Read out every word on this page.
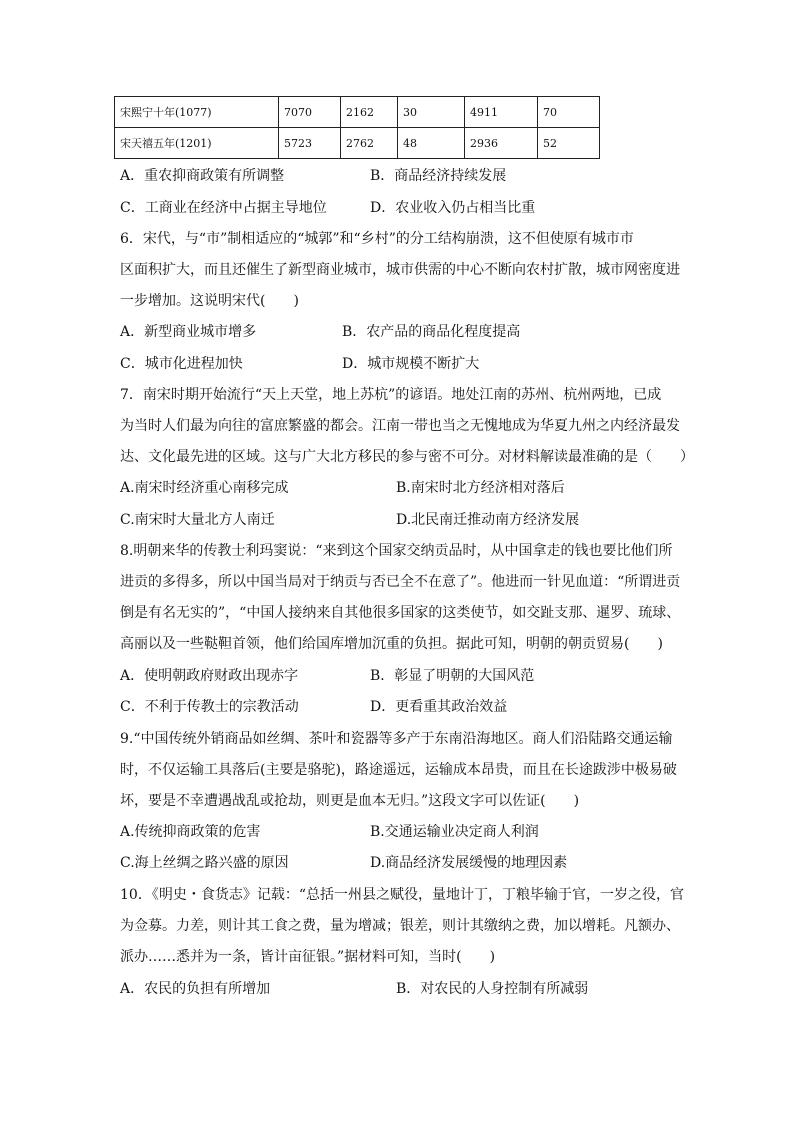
宋熙宁十年(1077)	7070	2162	30	4911	70
宋天禧五年(1201)	5723	2762	48	2936	52
A．重农抑商政策有所调整	B．商品经济持续发展
C．工商业在经济中占据主导地位	D．农业收入仍占相当比重
6．宋代，与“市”制相适应的“城郭”和“乡村”的分工结构崩溃，这不但使原有城市市
区面积扩大，而且还催生了新型商业城市，城市供需的中心不断向农村扩散，城市网密度进
一步增加。这说明宋代(　　)
A．新型商业城市增多	B．农产品的商品化程度提高
C．城市化进程加快	D．城市规模不断扩大
7．南宋时期开始流行“天上天堂，地上苏杭”的谚语。地处江南的苏州、杭州两地，已成
为当时人们最为向往的富庶繁盛的都会。江南一带也当之无愧地成为华夏九州之内经济最发
达、文化最先进的区域。这与广大北方移民的参与密不可分。对材料解读最准确的是（　　）
A.南宋时经济重心南移完成	B.南宋时北方经济相对落后
C.南宋时大量北方人南迁	D.北民南迁推动南方经济发展
8.明朝来华的传教士利玛窦说：“来到这个国家交纳贡品时，从中国拿走的钱也要比他们所
进贡的多得多，所以中国当局对于纳贡与否已全不在意了”。他进而一针见血道：“所谓进贡
倒是有名无实的”，“中国人接纳来自其他很多国家的这类使节，如交趾支那、暹罗、琉球、
高丽以及一些鞑靼首领，他们给国库增加沉重的负担。据此可知，明朝的朝贡贸易(　　)
A．使明朝政府财政出现赤字	B．彰显了明朝的大国风范
C．不利于传教士的宗教活动	D．更看重其政治效益
9.“中国传统外销商品如丝绸、茶叶和瓷器等多产于东南沿海地区。商人们沿陆路交通运输
时，不仅运输工具落后(主要是骆驼)，路途遥远，运输成本昂贵，而且在长途跋涉中极易破
坏，要是不幸遭遇战乱或抢劫，则更是血本无归。”这段文字可以佐证(　　)
A.传统抑商政策的危害	B.交通运输业决定商人利润
C.海上丝绸之路兴盛的原因	D.商品经济发展缓慢的地理因素
10．《明史・食货志》记载：“总括一州县之赋役，量地计丁，丁粮毕输于官，一岁之役，官
为佥募。力差，则计其工食之费，量为增减；银差，则计其缴纳之费，加以增耗。凡额办、
派办……悉并为一条，皆计亩征银。”据材料可知，当时(　　)
A．农民的负担有所增加	B．对农民的人身控制有所减弱
